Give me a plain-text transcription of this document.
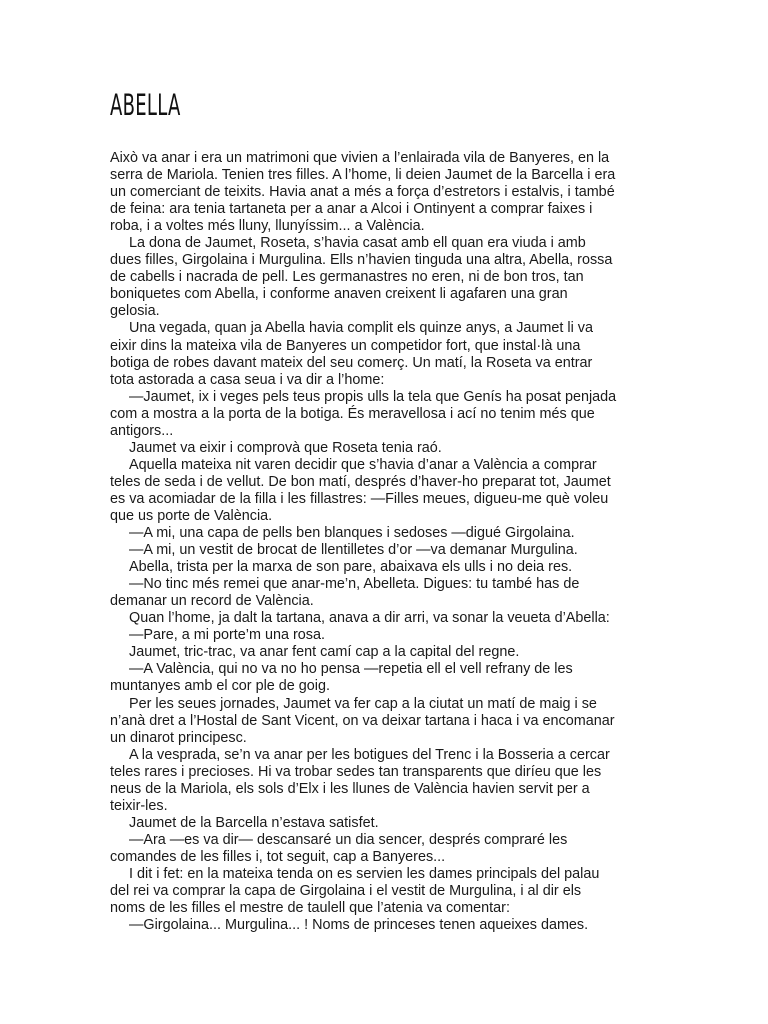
ABELLA

Això va anar i era un matrimoni que vivien a l’enlairada vila de Banyeres, en la

serra de Mariola. Tenien tres filles. A l’home, li deien Jaumet de la Barcella i era

un comerciant de teixits. Havia anat a més a força d’estretors i estalvis, i també

de feina: ara tenia tartaneta per a anar a Alcoi i Ontinyent a comprar faixes i

roba, i a voltes més lluny, llunyíssim... a València.

La dona de Jaumet, Roseta, s’havia casat amb ell quan era viuda i amb

dues filles, Girgolaina i Murgulina. Ells n’havien tinguda una altra, Abella, rossa

de cabells i nacrada de pell. Les germanastres no eren, ni de bon tros, tan

boniquetes com Abella, i conforme anaven creixent li agafaren una gran

gelosia.

Una vegada, quan ja Abella havia complit els quinze anys, a Jaumet li va

eixir dins la mateixa vila de Banyeres un competidor fort, que instal·là una

botiga de robes davant mateix del seu comerç. Un matí, la Roseta va entrar

tota astorada a casa seua i va dir a l’home:

—Jaumet, ix i veges pels teus propis ulls la tela que Genís ha posat penjada

com a mostra a la porta de la botiga. És meravellosa i ací no tenim més que

antigors...

Jaumet va eixir i comprovà que Roseta tenia raó.

Aquella mateixa nit varen decidir que s’havia d’anar a València a comprar

teles de seda i de vellut. De bon matí, després d’haver-ho preparat tot, Jaumet

es va acomiadar de la filla i les fillastres: —Filles meues, digueu-me què voleu

que us porte de València.

—A mi, una capa de pells ben blanques i sedoses —digué Girgolaina.

—A mi, un vestit de brocat de llentilletes d’or —va demanar Murgulina.

Abella, trista per la marxa de son pare, abaixava els ulls i no deia res.

—No tinc més remei que anar-me’n, Abelleta. Digues: tu també has de

demanar un record de València.

Quan l’home, ja dalt la tartana, anava a dir arri, va sonar la veueta d’Abella:

—Pare, a mi porte’m una rosa.

Jaumet, tric-trac, va anar fent camí cap a la capital del regne.

—A València, qui no va no ho pensa —repetia ell el vell refrany de les

muntanyes amb el cor ple de goig.

Per les seues jornades, Jaumet va fer cap a la ciutat un matí de maig i se

n’anà dret a l’Hostal de Sant Vicent, on va deixar tartana i haca i va encomanar

un dinarot principesc.

A la vesprada, se’n va anar per les botigues del Trenc i la Bosseria a cercar

teles rares i precioses. Hi va trobar sedes tan transparents que diríeu que les

neus de la Mariola, els sols d’Elx i les llunes de València havien servit per a

teixir-les.

Jaumet de la Barcella n’estava satisfet.

—Ara —es va dir— descansaré un dia sencer, després compraré les

comandes de les filles i, tot seguit, cap a Banyeres...

I dit i fet: en la mateixa tenda on es servien les dames principals del palau

del rei va comprar la capa de Girgolaina i el vestit de Murgulina, i al dir els

noms de les filles el mestre de taulell que l’atenia va comentar:

—Girgolaina... Murgulina... ! Noms de princeses tenen aqueixes dames.
